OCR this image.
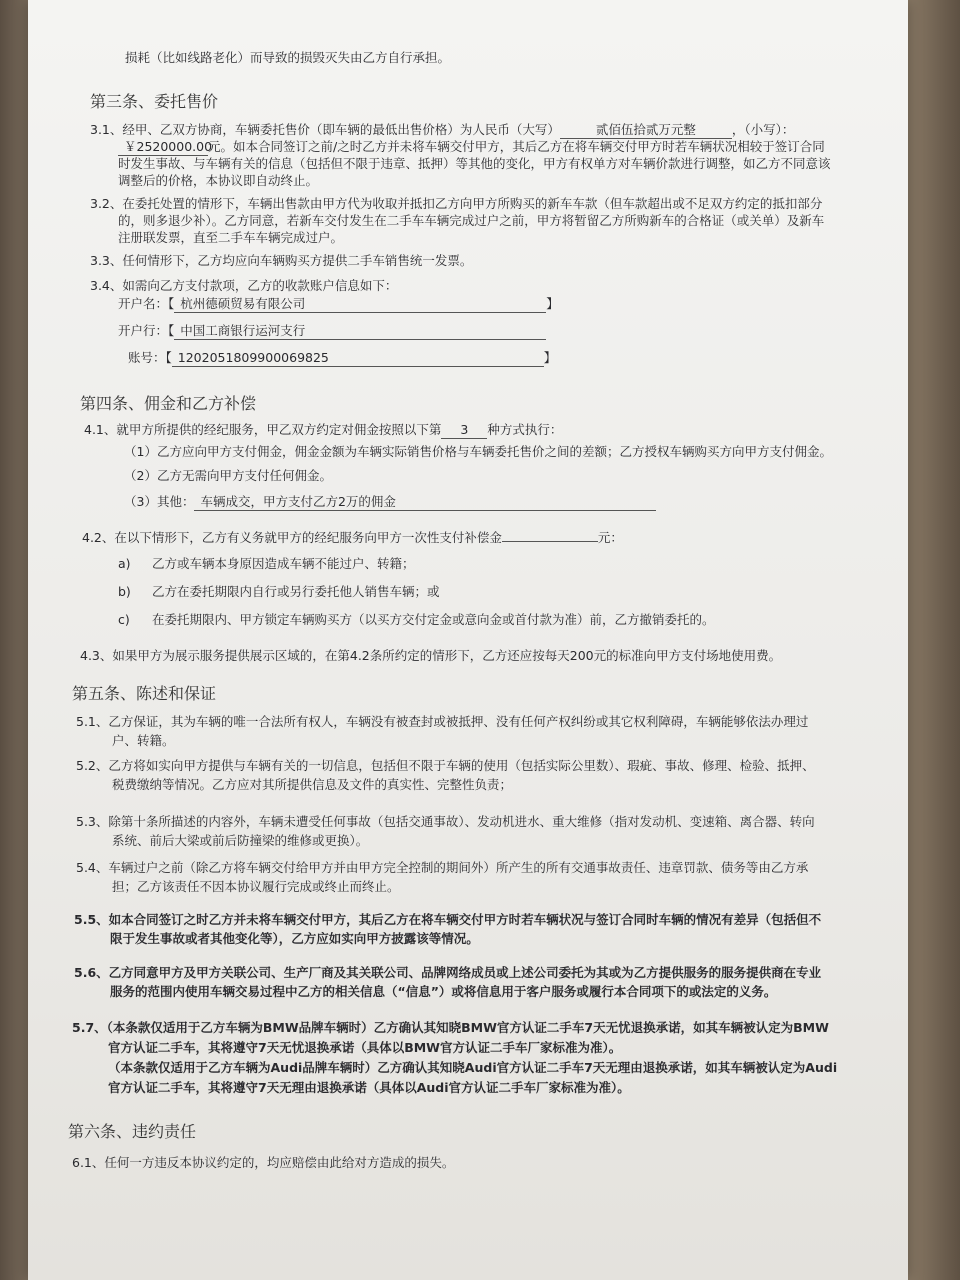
损耗（比如线路老化）而导致的损毁灭失由乙方自行承担。
第三条、委托售价
3.1、经甲、乙双方协商，车辆委托售价（即车辆的最低出售价格）为人民币（大写）	贰佰伍拾贰万元整	，（小写）：
￥2520000.00元。如本合同签订之前/之时乙方并未将车辆交付甲方，其后乙方在将车辆交付甲方时若车辆状况相较于签订合同
时发生事故、与车辆有关的信息（包括但不限于违章、抵押）等其他的变化，甲方有权单方对车辆价款进行调整，如乙方不同意该
调整后的价格，本协议即自动终止。
3.2、在委托处置的情形下，车辆出售款由甲方代为收取并抵扣乙方向甲方所购买的新车车款（但车款超出或不足双方约定的抵扣部分
的，则多退少补）。乙方同意，若新车交付发生在二手车车辆完成过户之前，甲方将暂留乙方所购新车的合格证（或关单）及新车
注册联发票，直至二手车车辆完成过户。
3.3、任何情形下，乙方均应向车辆购买方提供二手车销售统一发票。
3.4、如需向乙方支付款项，乙方的收款账户信息如下：
开户名：【 杭州德硕贸易有限公司	】
开户行：【 中国工商银行运河支行
账号：【 1202051809900069825	】
第四条、佣金和乙方补偿
4.1、就甲方所提供的经纪服务，甲乙双方约定对佣金按照以下第 3 种方式执行：
（1）乙方应向甲方支付佣金，佣金金额为车辆实际销售价格与车辆委托售价之间的差额；乙方授权车辆购买方向甲方支付佣金。
（2）乙方无需向甲方支付任何佣金。
（3）其他： 车辆成交，甲方支付乙方2万的佣金
4.2、在以下情形下，乙方有义务就甲方的经纪服务向甲方一次性支付补偿金	元：
a) 乙方或车辆本身原因造成车辆不能过户、转籍；
b) 乙方在委托期限内自行或另行委托他人销售车辆；或
c) 在委托期限内、甲方锁定车辆购买方（以买方交付定金或意向金或首付款为准）前，乙方撤销委托的。
4.3、如果甲方为展示服务提供展示区域的，在第4.2条所约定的情形下，乙方还应按每天200元的标准向甲方支付场地使用费。
第五条、陈述和保证
5.1、乙方保证，其为车辆的唯一合法所有权人，车辆没有被查封或被抵押、没有任何产权纠纷或其它权利障碍，车辆能够依法办理过
户、转籍。
5.2、乙方将如实向甲方提供与车辆有关的一切信息，包括但不限于车辆的使用（包括实际公里数）、瑕疵、事故、修理、检验、抵押、
税费缴纳等情况。乙方应对其所提供信息及文件的真实性、完整性负责；
5.3、除第十条所描述的内容外，车辆未遭受任何事故（包括交通事故）、发动机进水、重大维修（指对发动机、变速箱、离合器、转向
系统、前后大梁或前后防撞梁的维修或更换）。
5.4、车辆过户之前（除乙方将车辆交付给甲方并由甲方完全控制的期间外）所产生的所有交通事故责任、违章罚款、债务等由乙方承
担；乙方该责任不因本协议履行完成或终止而终止。
5.5、如本合同签订之时乙方并未将车辆交付甲方，其后乙方在将车辆交付甲方时若车辆状况与签订合同时车辆的情况有差异（包括但不
限于发生事故或者其他变化等），乙方应如实向甲方披露该等情况。
5.6、乙方同意甲方及甲方关联公司、生产厂商及其关联公司、品牌网络成员或上述公司委托为其或为乙方提供服务的服务提供商在专业
服务的范围内使用车辆交易过程中乙方的相关信息（“信息”）或将信息用于客户服务或履行本合同项下的或法定的义务。
5.7、（本条款仅适用于乙方车辆为BMW品牌车辆时）乙方确认其知晓BMW官方认证二手车7天无忧退换承诺，如其车辆被认定为BMW
官方认证二手车，其将遵守7天无忧退换承诺（具体以BMW官方认证二手车厂家标准为准）。
（本条款仅适用于乙方车辆为Audi品牌车辆时）乙方确认其知晓Audi官方认证二手车7天无理由退换承诺，如其车辆被认定为Audi
官方认证二手车，其将遵守7天无理由退换承诺（具体以Audi官方认证二手车厂家标准为准）。
第六条、违约责任
6.1、任何一方违反本协议约定的，均应赔偿由此给对方造成的损失。
